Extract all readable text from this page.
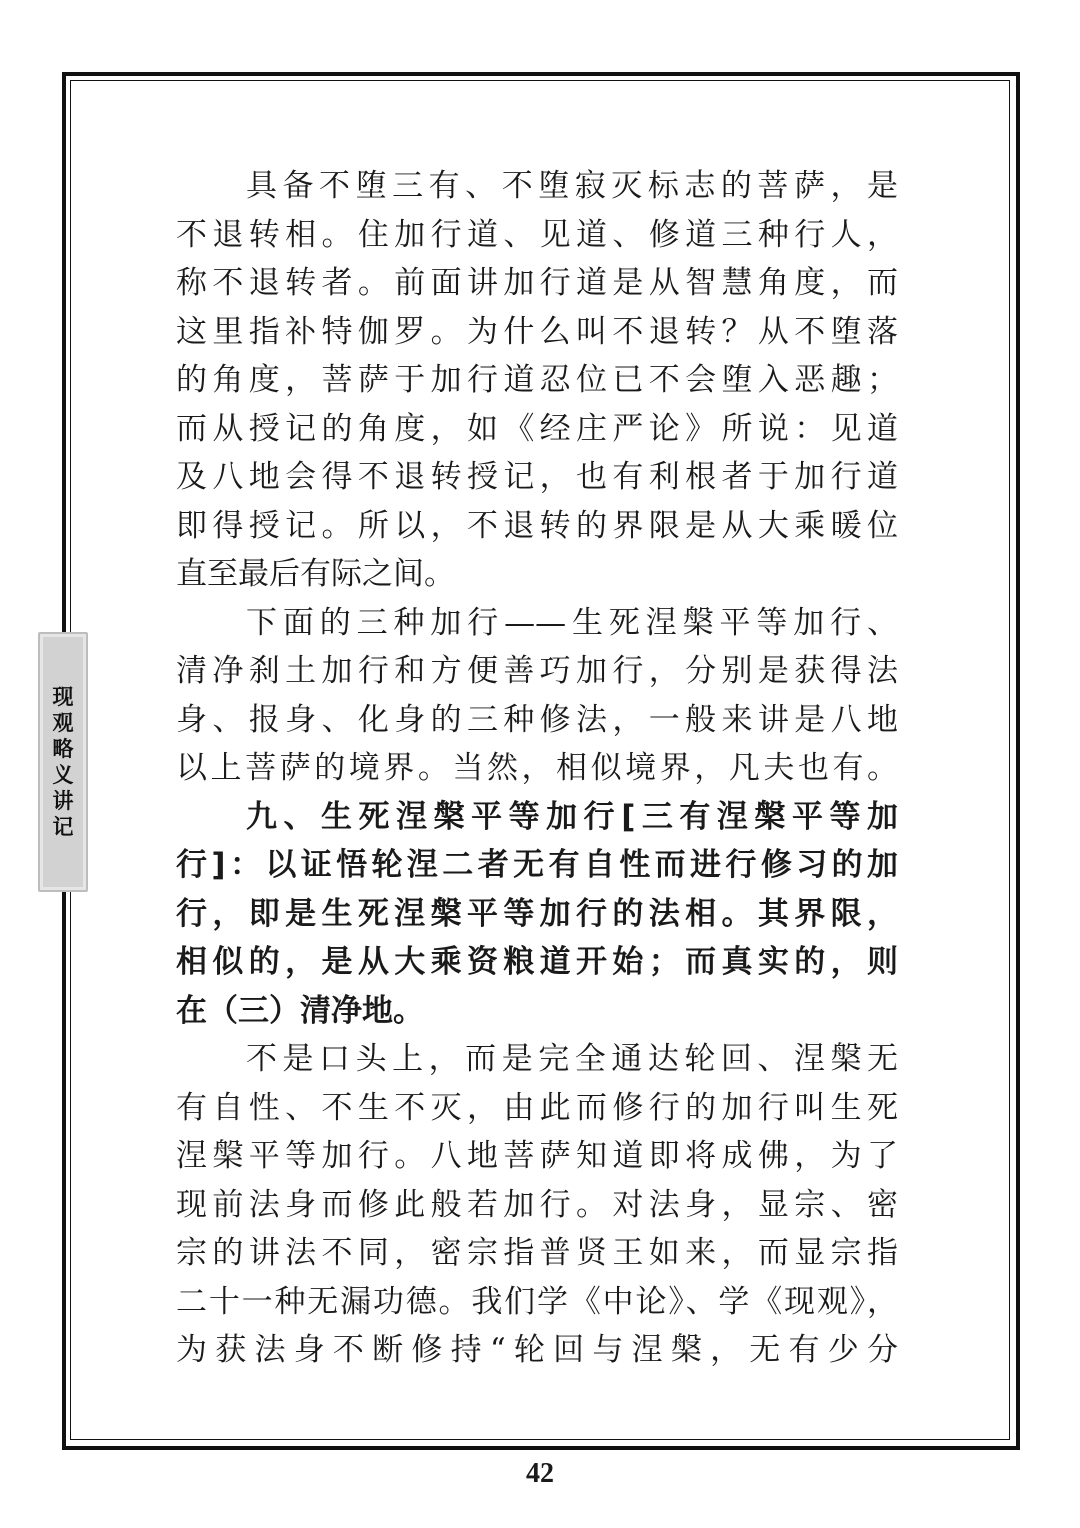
现
观
略
义
讲
记
具备不堕三有、不堕寂灭标志的菩萨，是
不退转相。住加行道、见道、修道三种行人，
称不退转者。前面讲加行道是从智慧角度，而
这里指补特伽罗。为什么叫不退转？从不堕落
的角度，菩萨于加行道忍位已不会堕入恶趣；
而从授记的角度，如《经庄严论》所说：见道
及八地会得不退转授记，也有利根者于加行道
即得授记。所以，不退转的界限是从大乘暖位
直至最后有际之间。
下面的三种加行——生死涅槃平等加行、
清净刹土加行和方便善巧加行，分别是获得法
身、报身、化身的三种修法，一般来讲是八地
以上菩萨的境界。当然，相似境界，凡夫也有。
九、生死涅槃平等加行[三有涅槃平等加
行]：以证悟轮涅二者无有自性而进行修习的加
行，即是生死涅槃平等加行的法相。其界限，
相似的，是从大乘资粮道开始；而真实的，则
在（三）清净地。
不是口头上，而是完全通达轮回、涅槃无
有自性、不生不灭，由此而修行的加行叫生死
涅槃平等加行。八地菩萨知道即将成佛，为了
现前法身而修此般若加行。对法身，显宗、密
宗的讲法不同，密宗指普贤王如来，而显宗指
二十一种无漏功德。我们学《中论》、学《现观》，
为获法身不断修持“轮回与涅槃，无有少分
42
